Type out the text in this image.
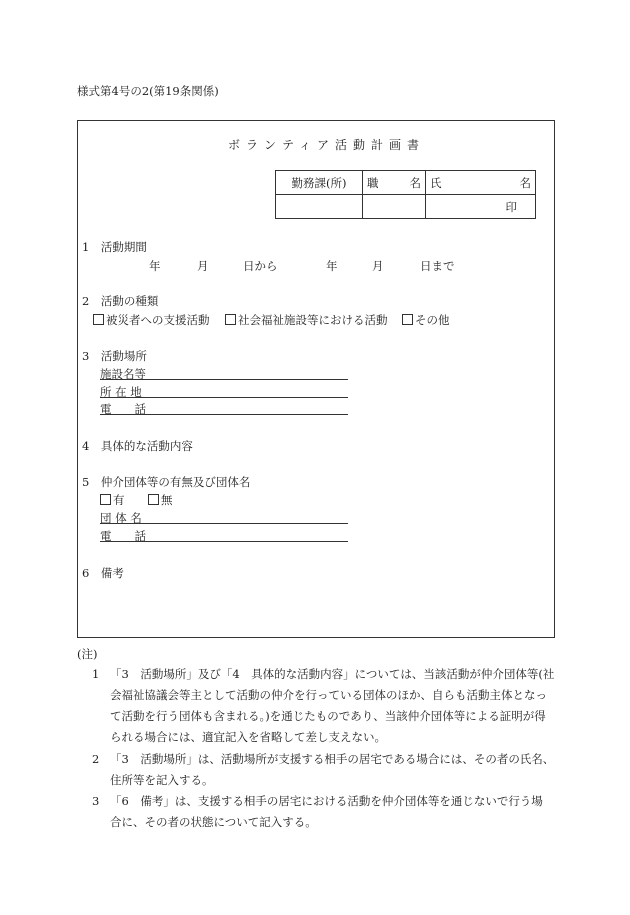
様式第4号の2(第19条関係)
ボランティア活動計画書
勤務課(所)	職 名	氏 名

		印
1　活動期間
年	月	日から	年	月	日まで
2　活動の種類
被災者への支援活動	社会福祉施設等における活動	その他
3　活動場所
施設名等
所 在 地
電　　話
4　具体的な活動内容
5　仲介団体等の有無及び団体名
有	無
団 体 名
電　　話
6　備考
(注)
1 「3　活動場所」及び「4　具体的な活動内容」については、当該活動が仲介団体等(社
会福祉協議会等主として活動の仲介を行っている団体のほか、自らも活動主体となっ
て活動を行う団体も含まれる。)を通じたものであり、当該仲介団体等による証明が得
られる場合には、適宜記入を省略して差し支えない。
2 「3　活動場所」は、活動場所が支援する相手の居宅である場合には、その者の氏名、
住所等を記入する。
3 「6　備考」は、支援する相手の居宅における活動を仲介団体等を通じないで行う場
合に、その者の状態について記入する。
